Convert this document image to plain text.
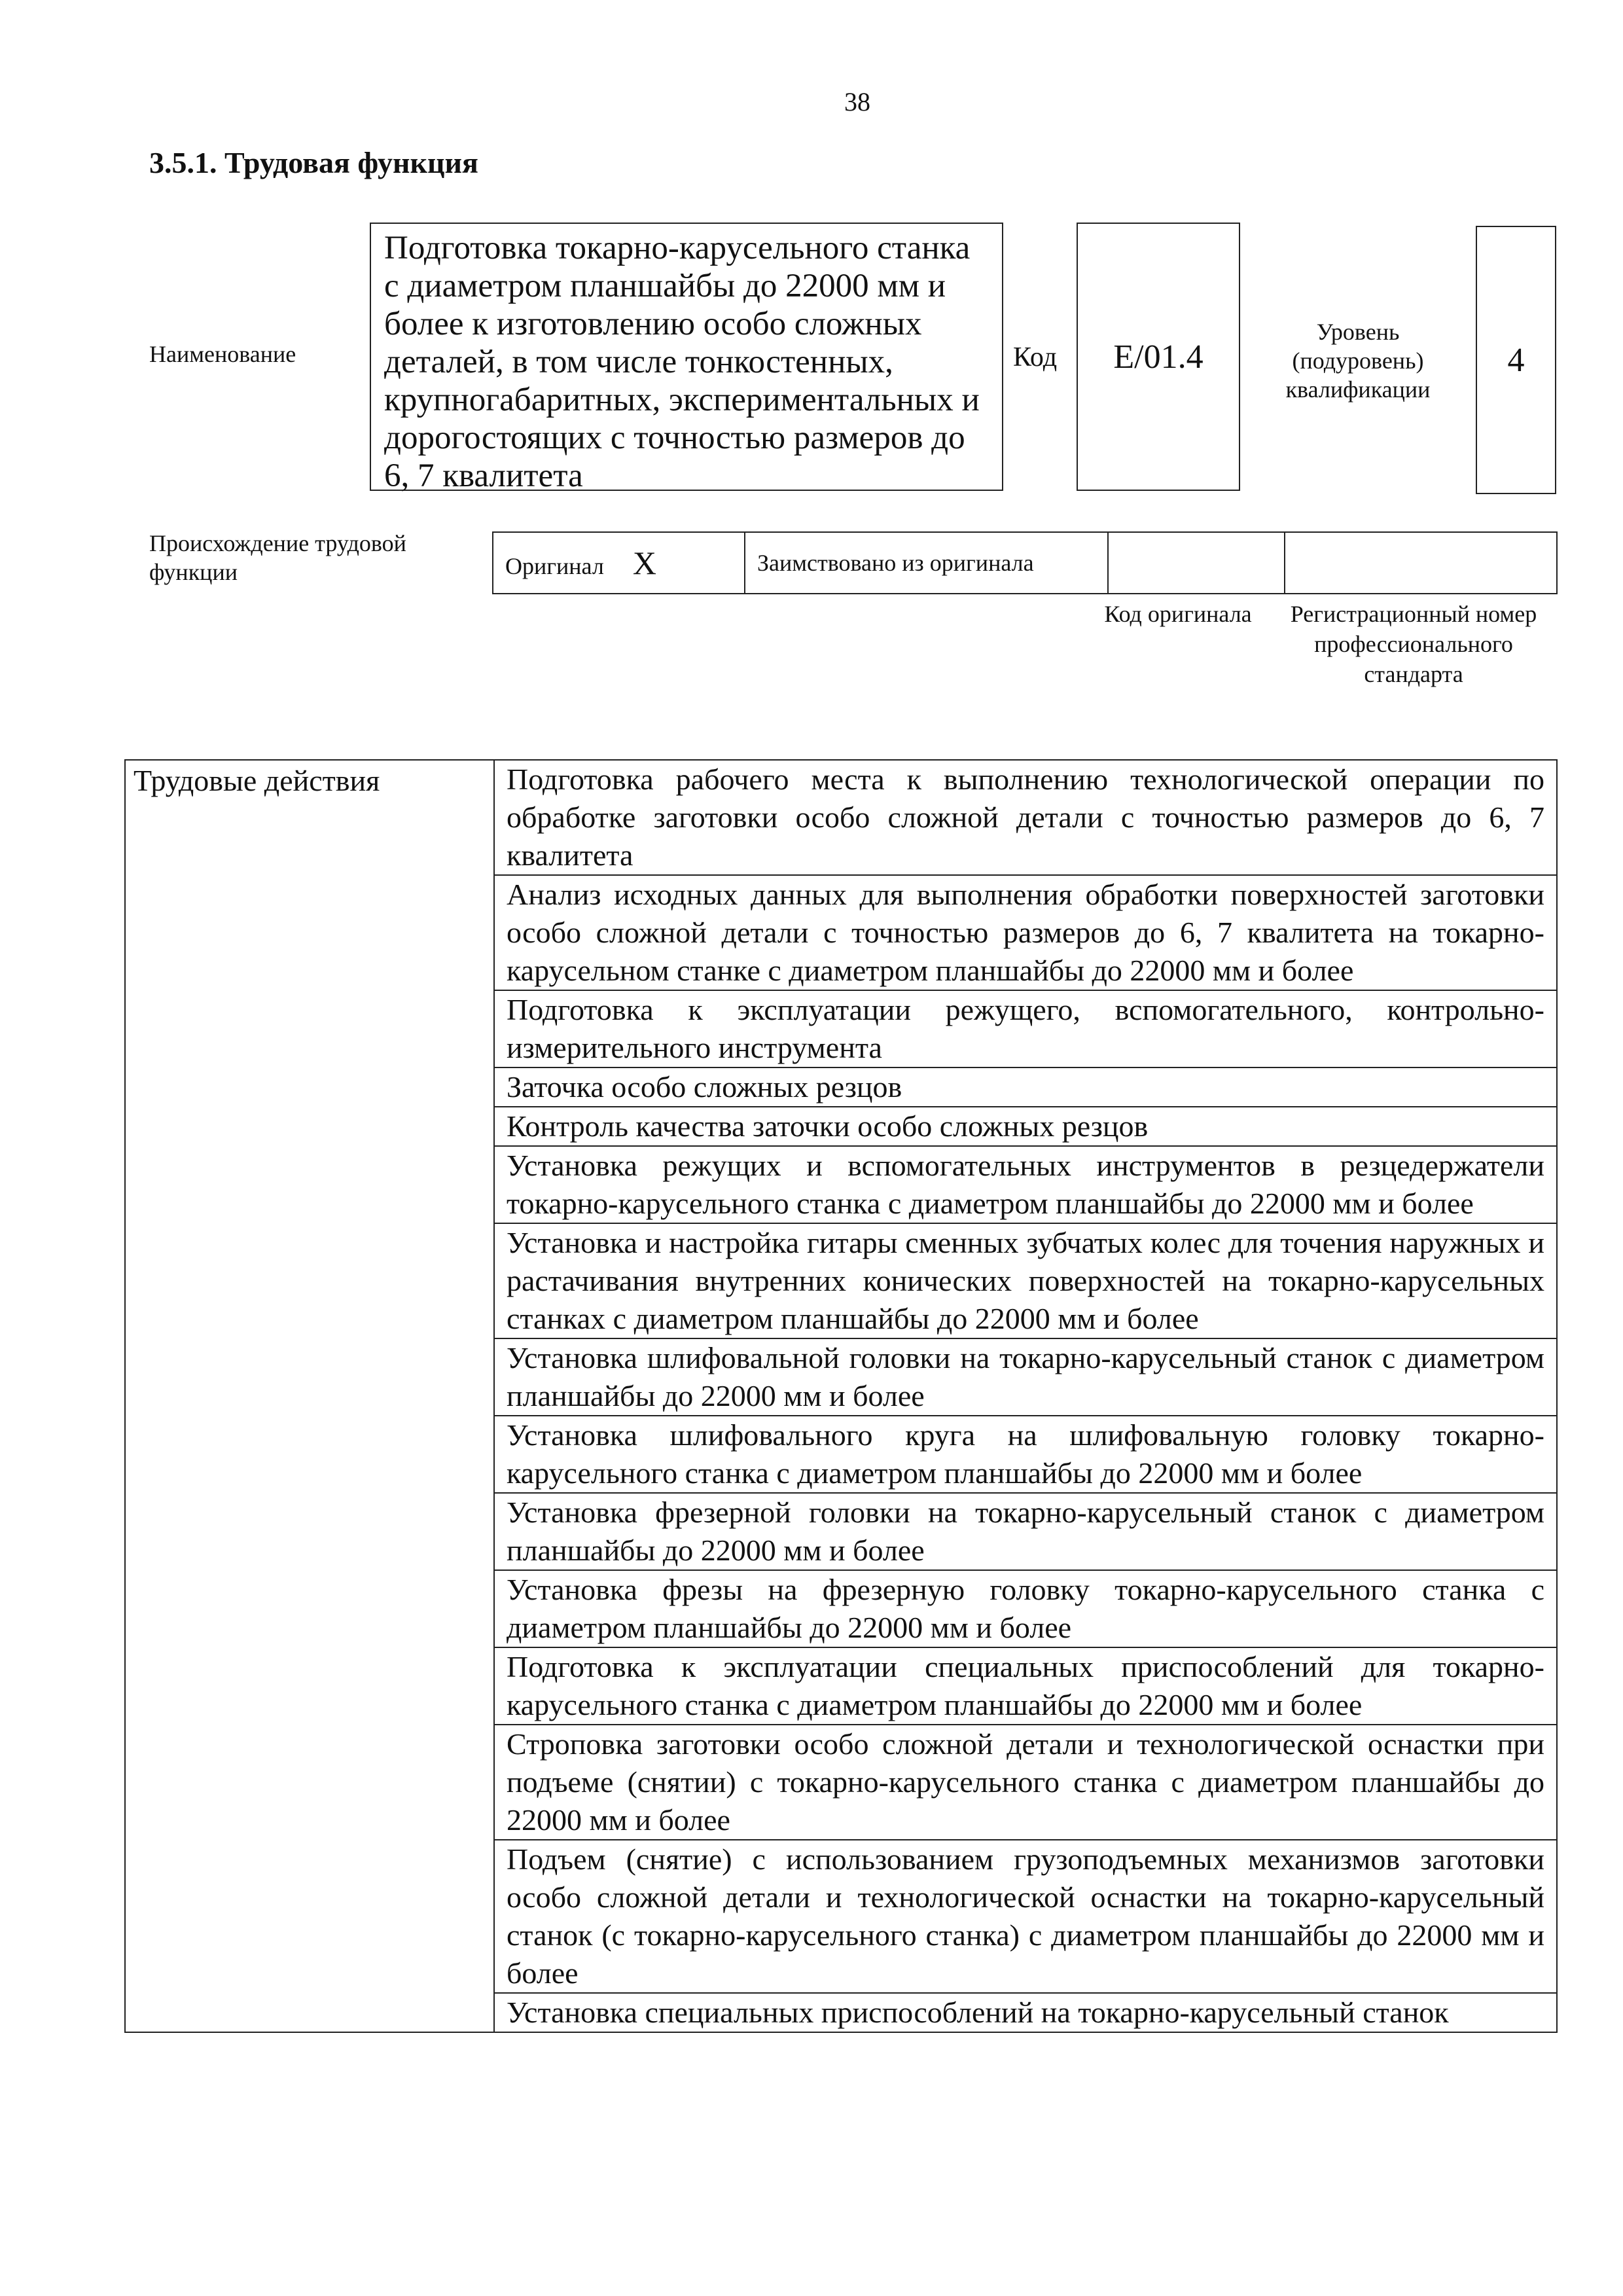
38
3.5.1. Трудовая функция
Наименование
Подготовка токарно-карусельного станка с диаметром планшайбы до 22000 мм и более к изготовлению особо сложных деталей, в том числе тонкостенных, крупногабаритных, экспериментальных и дорогостоящих с точностью размеров до 6, 7 квалитета
Код E/01.4
Уровень (подуровень) квалификации
4
Происхождение трудовой функции	Оригинал X	Заимствовано из оригинала		
Код оригинала	Регистрационный номер профессионального стандарта
Трудовые действия	Подготовка рабочего места к выполнению технологической операции по обработке заготовки особо сложной детали с точностью размеров до 6, 7 квалитета
Анализ исходных данных для выполнения обработки поверхностей заготовки особо сложной детали с точностью размеров до 6, 7 квалитета на токарно-карусельном станке с диаметром планшайбы до 22000 мм и более
Подготовка к эксплуатации режущего, вспомогательного, контрольно-измерительного инструмента
Заточка особо сложных резцов
Контроль качества заточки особо сложных резцов
Установка режущих и вспомогательных инструментов в резцедержатели токарно-карусельного станка с диаметром планшайбы до 22000 мм и более
Установка и настройка гитары сменных зубчатых колес для точения наружных и растачивания внутренних конических поверхностей на токарно-карусельных станках с диаметром планшайбы до 22000 мм и более
Установка шлифовальной головки на токарно-карусельный станок с диаметром планшайбы до 22000 мм и более
Установка шлифовального круга на шлифовальную головку токарно-карусельного станка с диаметром планшайбы до 22000 мм и более
Установка фрезерной головки на токарно-карусельный станок с диаметром планшайбы до 22000 мм и более
Установка фрезы на фрезерную головку токарно-карусельного станка с диаметром планшайбы до 22000 мм и более
Подготовка к эксплуатации специальных приспособлений для токарно-карусельного станка с диаметром планшайбы до 22000 мм и более
Строповка заготовки особо сложной детали и технологической оснастки при подъеме (снятии) с токарно-карусельного станка с диаметром планшайбы до 22000 мм и более
Подъем (снятие) с использованием грузоподъемных механизмов заготовки особо сложной детали и технологической оснастки на токарно-карусельный станок (с токарно-карусельного станка) с диаметром планшайбы до 22000 мм и более
Установка специальных приспособлений на токарно-карусельный станок
